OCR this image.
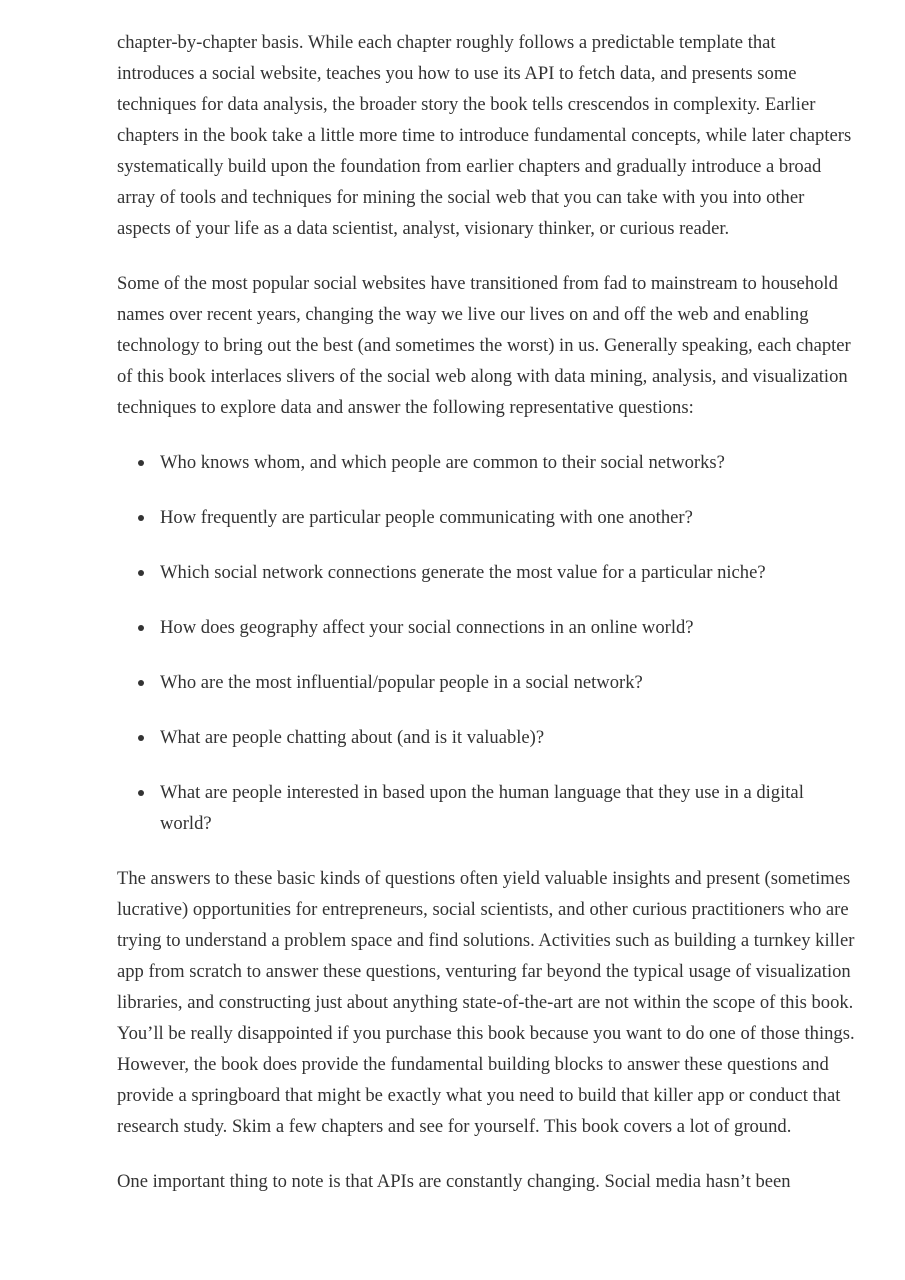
chapter-by-chapter basis. While each chapter roughly follows a predictable template that introduces a social website, teaches you how to use its API to fetch data, and presents some techniques for data analysis, the broader story the book tells crescendos in complexity. Earlier chapters in the book take a little more time to introduce fundamental concepts, while later chapters systematically build upon the foundation from earlier chapters and gradually introduce a broad array of tools and techniques for mining the social web that you can take with you into other aspects of your life as a data scientist, analyst, visionary thinker, or curious reader.

Some of the most popular social websites have transitioned from fad to mainstream to household names over recent years, changing the way we live our lives on and off the web and enabling technology to bring out the best (and sometimes the worst) in us. Generally speaking, each chapter of this book interlaces slivers of the social web along with data mining, analysis, and visualization techniques to explore data and answer the following representative questions:

Who knows whom, and which people are common to their social networks?
How frequently are particular people communicating with one another?
Which social network connections generate the most value for a particular niche?
How does geography affect your social connections in an online world?
Who are the most influential/popular people in a social network?
What are people chatting about (and is it valuable)?
What are people interested in based upon the human language that they use in a digital world?

The answers to these basic kinds of questions often yield valuable insights and present (sometimes lucrative) opportunities for entrepreneurs, social scientists, and other curious practitioners who are trying to understand a problem space and find solutions. Activities such as building a turnkey killer app from scratch to answer these questions, venturing far beyond the typical usage of visualization libraries, and constructing just about anything state-of-the-art are not within the scope of this book. You’ll be really disappointed if you purchase this book because you want to do one of those things. However, the book does provide the fundamental building blocks to answer these questions and provide a springboard that might be exactly what you need to build that killer app or conduct that research study. Skim a few chapters and see for yourself. This book covers a lot of ground.

One important thing to note is that APIs are constantly changing. Social media hasn’t been
